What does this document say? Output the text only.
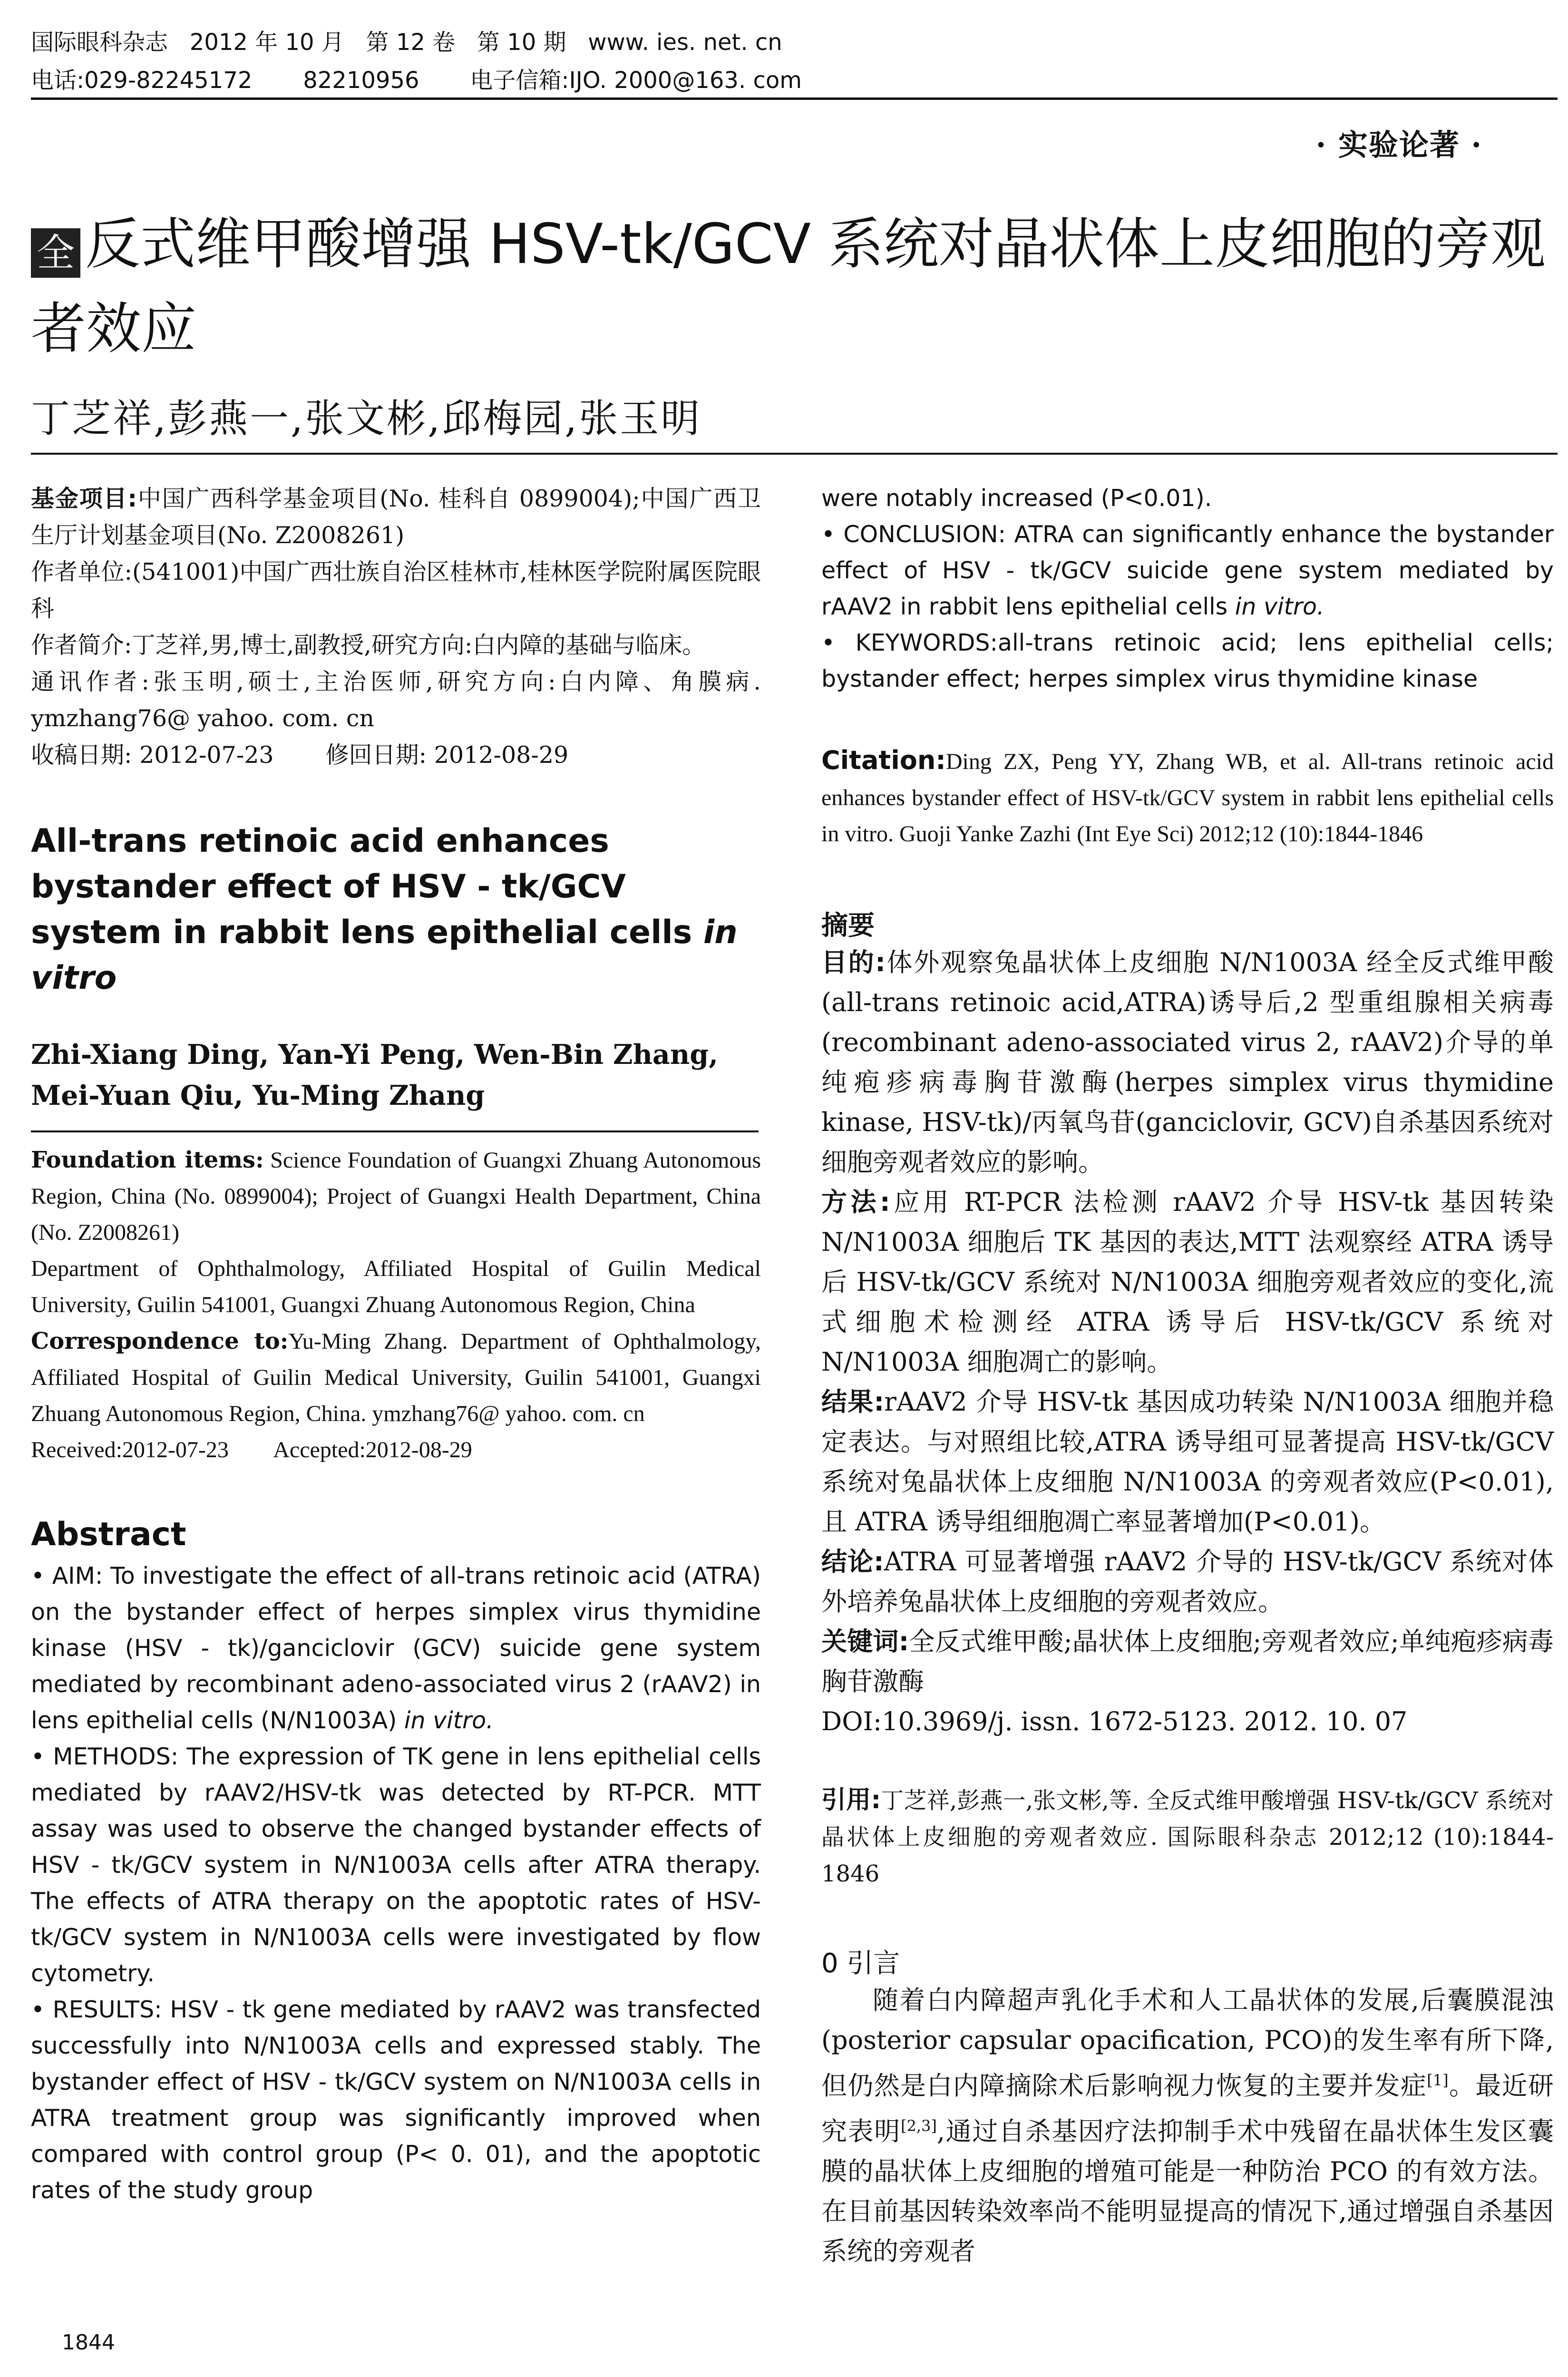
国际眼科杂志   2012 年 10 月   第 12 卷   第 10 期   www. ies. net. cn
电话:029-82245172       82210956       电子信箱:IJO. 2000@163. com
· 实验论著 ·
全 反式维甲酸增强 HSV-tk/GCV 系统对晶状体上皮细胞的旁观者效应
丁芝祥,彭燕一,张文彬,邱梅园,张玉明

基金项目:中国广西科学基金项目(No. 桂科自 0899004);中国广西卫生厅计划基金项目(No. Z2008261)

作者单位:(541001)中国广西壮族自治区桂林市,桂林医学院附属医院眼科

作者简介:丁芝祥,男,博士,副教授,研究方向:白内障的基础与临床。

通讯作者:张玉明,硕士,主治医师,研究方向:白内障、角膜病. ymzhang76@ yahoo. com. cn

收稿日期: 2012-07-23       修回日期: 2012-08-29

All-trans retinoic acid enhances bystander effect of HSV - tk/GCV system in rabbit lens epithelial cells in vitro
Zhi-Xiang Ding, Yan-Yi Peng, Wen-Bin Zhang, Mei-Yuan Qiu, Yu-Ming Zhang

Foundation items: Science Foundation of Guangxi Zhuang Autonomous Region, China (No. 0899004); Project of Guangxi Health Department, China (No. Z2008261)

Department of Ophthalmology, Affiliated Hospital of Guilin Medical University, Guilin 541001, Guangxi Zhuang Autonomous Region, China

Correspondence to:Yu-Ming Zhang. Department of Ophthalmology, Affiliated Hospital of Guilin Medical University, Guilin 541001, Guangxi Zhuang Autonomous Region, China. ymzhang76@ yahoo. com. cn

Received:2012-07-23        Accepted:2012-08-29

Abstract

• AIM: To investigate the effect of all-trans retinoic acid (ATRA) on the bystander effect of herpes simplex virus thymidine kinase (HSV - tk)/ganciclovir (GCV) suicide gene system mediated by recombinant adeno-associated virus 2 (rAAV2) in lens epithelial cells (N/N1003A) in vitro.

• METHODS: The expression of TK gene in lens epithelial cells mediated by rAAV2/HSV-tk was detected by RT-PCR. MTT assay was used to observe the changed bystander effects of HSV - tk/GCV system in N/N1003A cells after ATRA therapy. The effects of ATRA therapy on the apoptotic rates of HSV-tk/GCV system in N/N1003A cells were investigated by flow cytometry.

• RESULTS: HSV - tk gene mediated by rAAV2 was transfected successfully into N/N1003A cells and expressed stably. The bystander effect of HSV - tk/GCV system on N/N1003A cells in ATRA treatment group was significantly improved when compared with control group (P< 0. 01), and the apoptotic rates of the study group

were notably increased (P<0.01).

• CONCLUSION: ATRA can significantly enhance the bystander effect of HSV - tk/GCV suicide gene system mediated by rAAV2 in rabbit lens epithelial cells in vitro.

• KEYWORDS:all-trans retinoic acid; lens epithelial cells; bystander effect; herpes simplex virus thymidine kinase

Citation:Ding ZX, Peng YY, Zhang WB, et al. All-trans retinoic acid enhances bystander effect of HSV-tk/GCV system in rabbit lens epithelial cells in vitro. Guoji Yanke Zazhi (Int Eye Sci) 2012;12 (10):1844-1846

摘要

目的:体外观察兔晶状体上皮细胞 N/N1003A 经全反式维甲酸(all-trans retinoic acid,ATRA)诱导后,2 型重组腺相关病毒(recombinant adeno-associated virus 2, rAAV2)介导的单纯疱疹病毒胸苷激酶(herpes simplex virus thymidine kinase, HSV-tk)/丙氧鸟苷(ganciclovir, GCV)自杀基因系统对细胞旁观者效应的影响。

方法:应用 RT-PCR 法检测 rAAV2 介导 HSV-tk 基因转染 N/N1003A 细胞后 TK 基因的表达,MTT 法观察经 ATRA 诱导后 HSV-tk/GCV 系统对 N/N1003A 细胞旁观者效应的变化,流式细胞术检测经 ATRA 诱导后 HSV-tk/GCV 系统对 N/N1003A 细胞凋亡的影响。

结果:rAAV2 介导 HSV-tk 基因成功转染 N/N1003A 细胞并稳定表达。与对照组比较,ATRA 诱导组可显著提高 HSV-tk/GCV 系统对兔晶状体上皮细胞 N/N1003A 的旁观者效应(P<0.01),且 ATRA 诱导组细胞凋亡率显著增加(P<0.01)。

结论:ATRA 可显著增强 rAAV2 介导的 HSV-tk/GCV 系统对体外培养兔晶状体上皮细胞的旁观者效应。

关键词:全反式维甲酸;晶状体上皮细胞;旁观者效应;单纯疱疹病毒胸苷激酶

DOI:10.3969/j. issn. 1672-5123. 2012. 10. 07

引用:丁芝祥,彭燕一,张文彬,等. 全反式维甲酸增强 HSV-tk/GCV 系统对晶状体上皮细胞的旁观者效应. 国际眼科杂志 2012;12 (10):1844-1846

0 引言

随着白内障超声乳化手术和人工晶状体的发展,后囊膜混浊(posterior capsular opacification, PCO)的发生率有所下降,但仍然是白内障摘除术后影响视力恢复的主要并发症[1]。最近研究表明[2,3],通过自杀基因疗法抑制手术中残留在晶状体生发区囊膜的晶状体上皮细胞的增殖可能是一种防治 PCO 的有效方法。在目前基因转染效率尚不能明显提高的情况下,通过增强自杀基因系统的旁观者

1844
